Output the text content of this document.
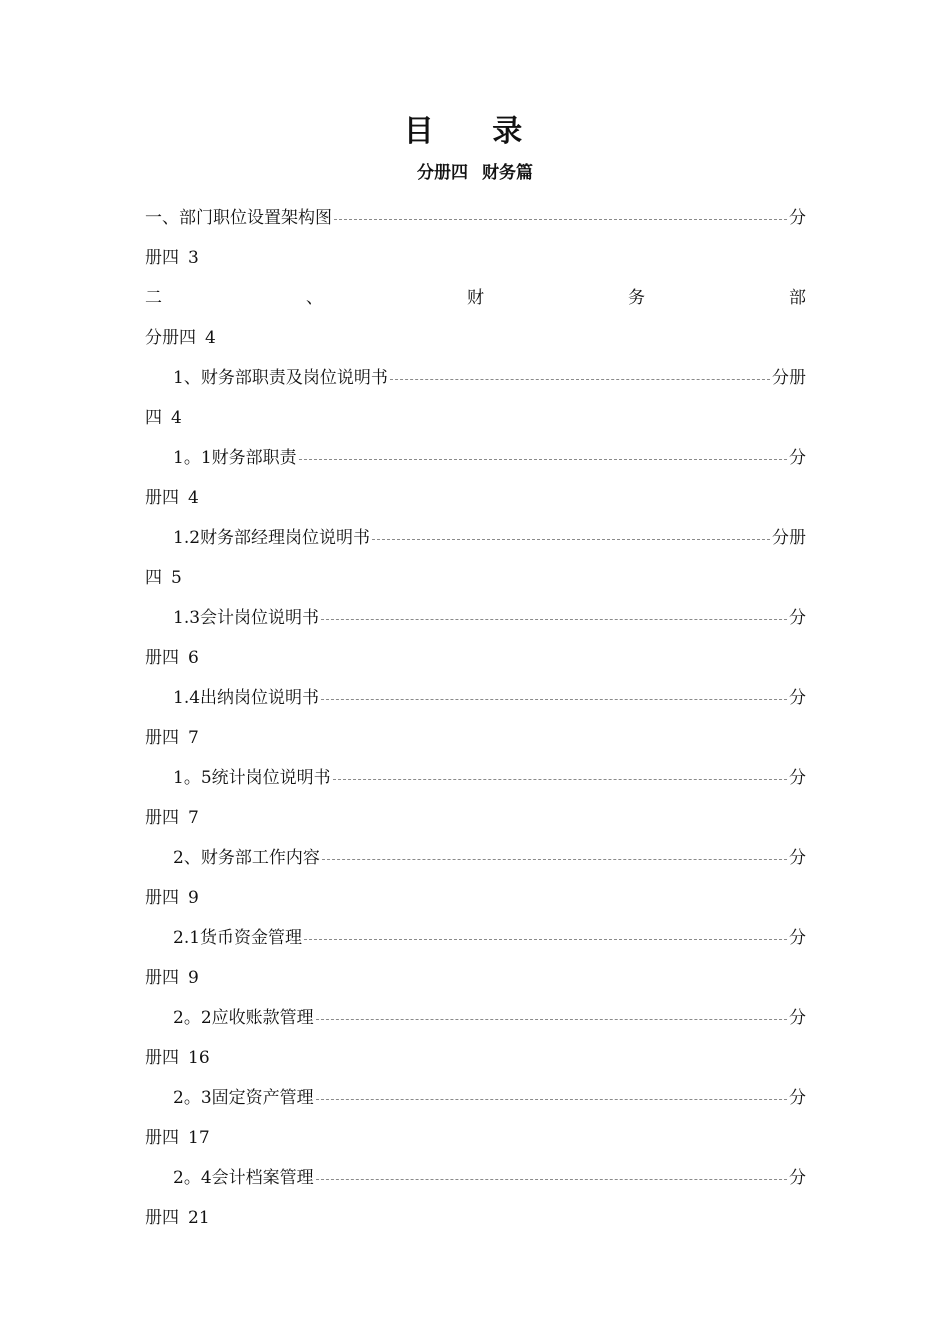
目 录
分册四 财务篇
一、部门职位设置架构图	分
册四 3
二	、	财	务	部
分册四 4
1、财务部职责及岗位说明书	分册
四 4
1。1财务部职责	分
册四 4
1.2财务部经理岗位说明书	分册
四 5
1.3会计岗位说明书	分
册四 6
1.4出纳岗位说明书	分
册四 7
1。5统计岗位说明书	分
册四 7
2、财务部工作内容	分
册四 9
2.1货币资金管理	分
册四 9
2。2应收账款管理	分
册四 16
2。3固定资产管理	分
册四 17
2。4会计档案管理	分
册四 21
